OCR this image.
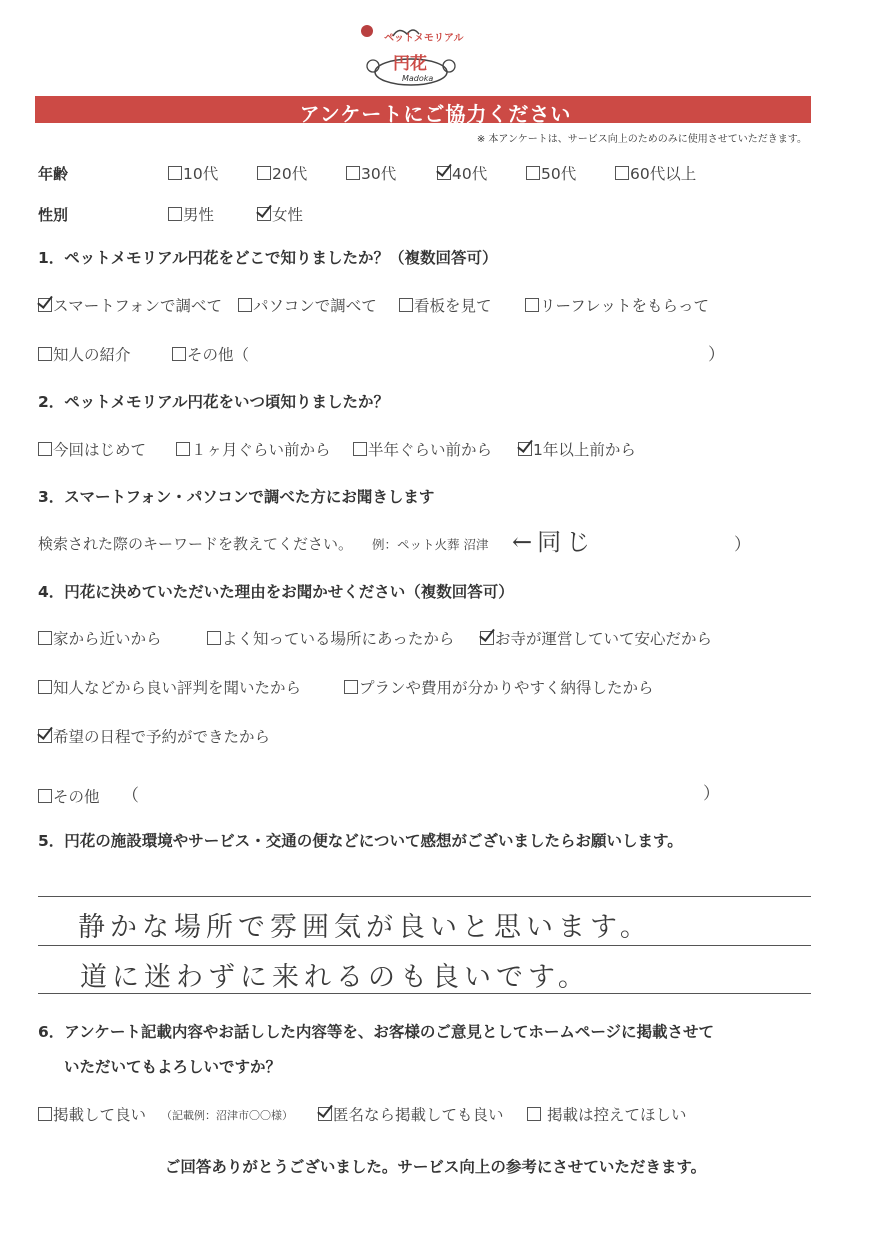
ペットメモリアル
円花
Madoka
アンケートにご協力ください
※ 本アンケートは、サービス向上のためのみに使用させていただきます。
年齢	10代	20代	30代	40代	50代	60代以上
性別	男性	女性
1．ペットメモリアル円花をどこで知りましたか？（複数回答可）
スマートフォンで調べて	パソコンで調べて	看板を見て	リーフレットをもらって
知人の紹介	その他（	）
2．ペットメモリアル円花をいつ頃知りましたか？
今回はじめて	１ヶ月ぐらい前から	半年ぐらい前から	1年以上前から
3．スマートフォン・パソコンで調べた方にお聞きします
検索された際のキーワードを教えてください。 例：ペット火葬 沼津 ←同じ	）
4．円花に決めていただいた理由をお聞かせください（複数回答可）
家から近いから	よく知っている場所にあったから	お寺が運営していて安心だから
知人などから良い評判を聞いたから	プランや費用が分かりやすく納得したから
希望の日程で予約ができたから
その他 （	）
5．円花の施設環境やサービス・交通の便などについて感想がございましたらお願いします。
静かな場所で雰囲気が良いと思います。
道に迷わずに来れるのも良いです。
6．アンケート記載内容やお話しした内容等を、お客様のご意見としてホームページに掲載させて
いただいてもよろしいですか？
掲載して良い （記載例：沼津市〇〇様）	匿名なら掲載しても良い	掲載は控えてほしい
ご回答ありがとうございました。サービス向上の参考にさせていただきます。
